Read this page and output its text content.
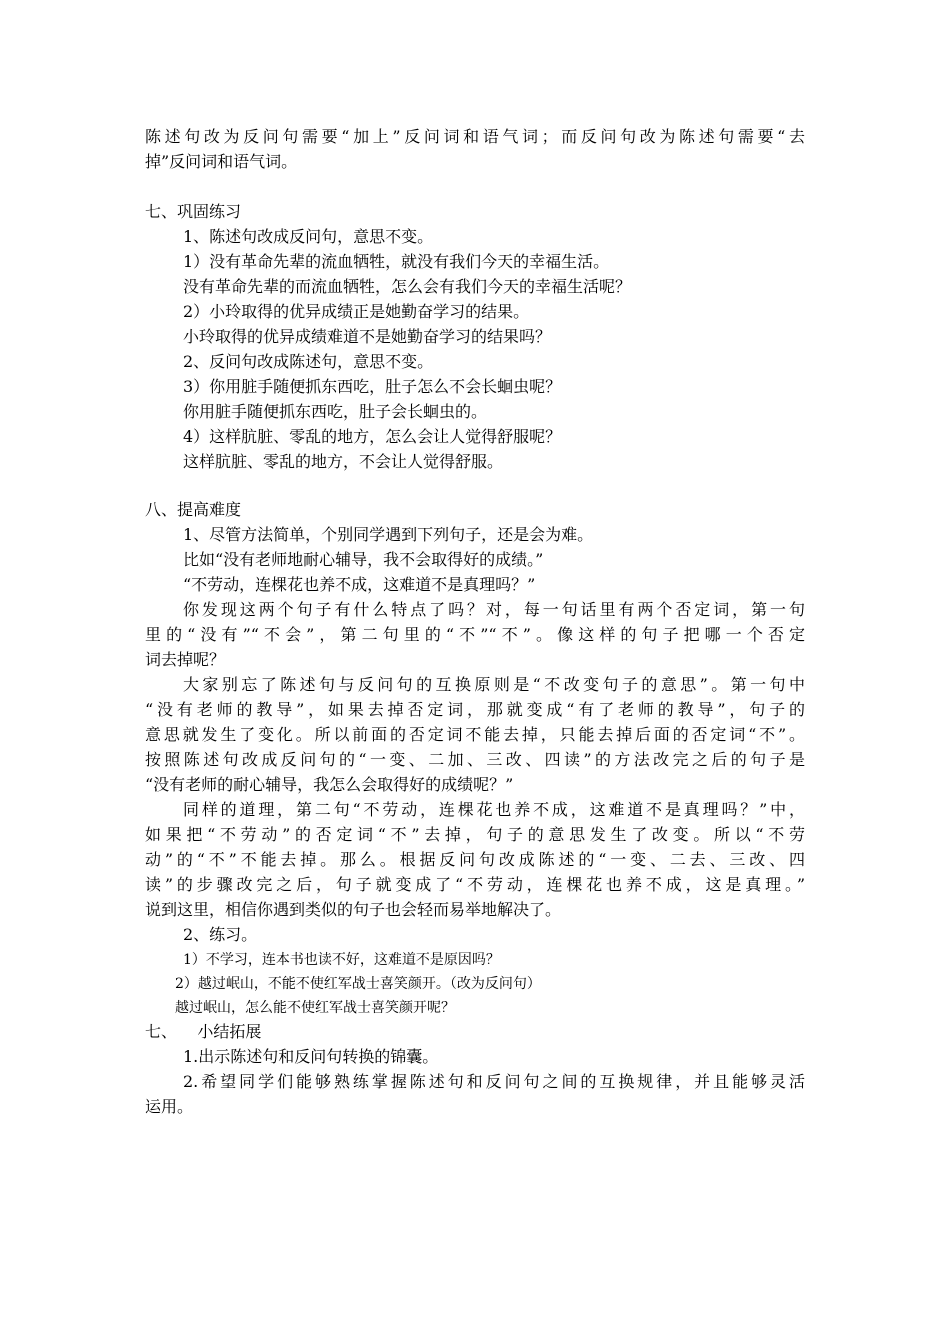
陈述句改为反问句需要“加上”反问词和语气词；而反问句改为陈述句需要“去

掉”反问词和语气词。

七、巩固练习

1、陈述句改成反问句，意思不变。

1）没有革命先辈的流血牺牲，就没有我们今天的幸福生活。

没有革命先辈的而流血牺牲，怎么会有我们今天的幸福生活呢？

2）小玲取得的优异成绩正是她勤奋学习的结果。

小玲取得的优异成绩难道不是她勤奋学习的结果吗？

2、反问句改成陈述句，意思不变。

3）你用脏手随便抓东西吃，肚子怎么不会长蛔虫呢？

你用脏手随便抓东西吃，肚子会长蛔虫的。

4）这样肮脏、零乱的地方，怎么会让人觉得舒服呢？

这样肮脏、零乱的地方，不会让人觉得舒服。

八、提高难度

1、尽管方法简单，个别同学遇到下列句子，还是会为难。

比如“没有老师地耐心辅导，我不会取得好的成绩。”

“不劳动，连棵花也养不成，这难道不是真理吗？”

你发现这两个句子有什么特点了吗？对，每一句话里有两个否定词，第一句

里的“没有”“不会”，第二句里的“不”“不”。像这样的句子把哪一个否定

词去掉呢？

大家别忘了陈述句与反问句的互换原则是“不改变句子的意思”。第一句中

“没有老师的教导”，如果去掉否定词，那就变成“有了老师的教导”，句子的

意思就发生了变化。所以前面的否定词不能去掉，只能去掉后面的否定词“不”。

按照陈述句改成反问句的“一变、二加、三改、四读”的方法改完之后的句子是

“没有老师的耐心辅导，我怎么会取得好的成绩呢？”

同样的道理，第二句“不劳动，连棵花也养不成，这难道不是真理吗？”中，

如果把“不劳动”的否定词“不”去掉，句子的意思发生了改变。所以“不劳

动”的“不”不能去掉。那么。根据反问句改成陈述的“一变、二去、三改、四

读”的步骤改完之后，句子就变成了“不劳动，连棵花也养不成，这是真理。”

说到这里，相信你遇到类似的句子也会轻而易举地解决了。

2、练习。

1）不学习，连本书也读不好，这难道不是原因吗？

2）越过岷山，不能不使红军战士喜笑颜开。（改为反问句）

越过岷山，怎么能不使红军战士喜笑颜开呢？

七、    小结拓展

1.出示陈述句和反问句转换的锦囊。

2.希望同学们能够熟练掌握陈述句和反问句之间的互换规律，并且能够灵活

运用。
